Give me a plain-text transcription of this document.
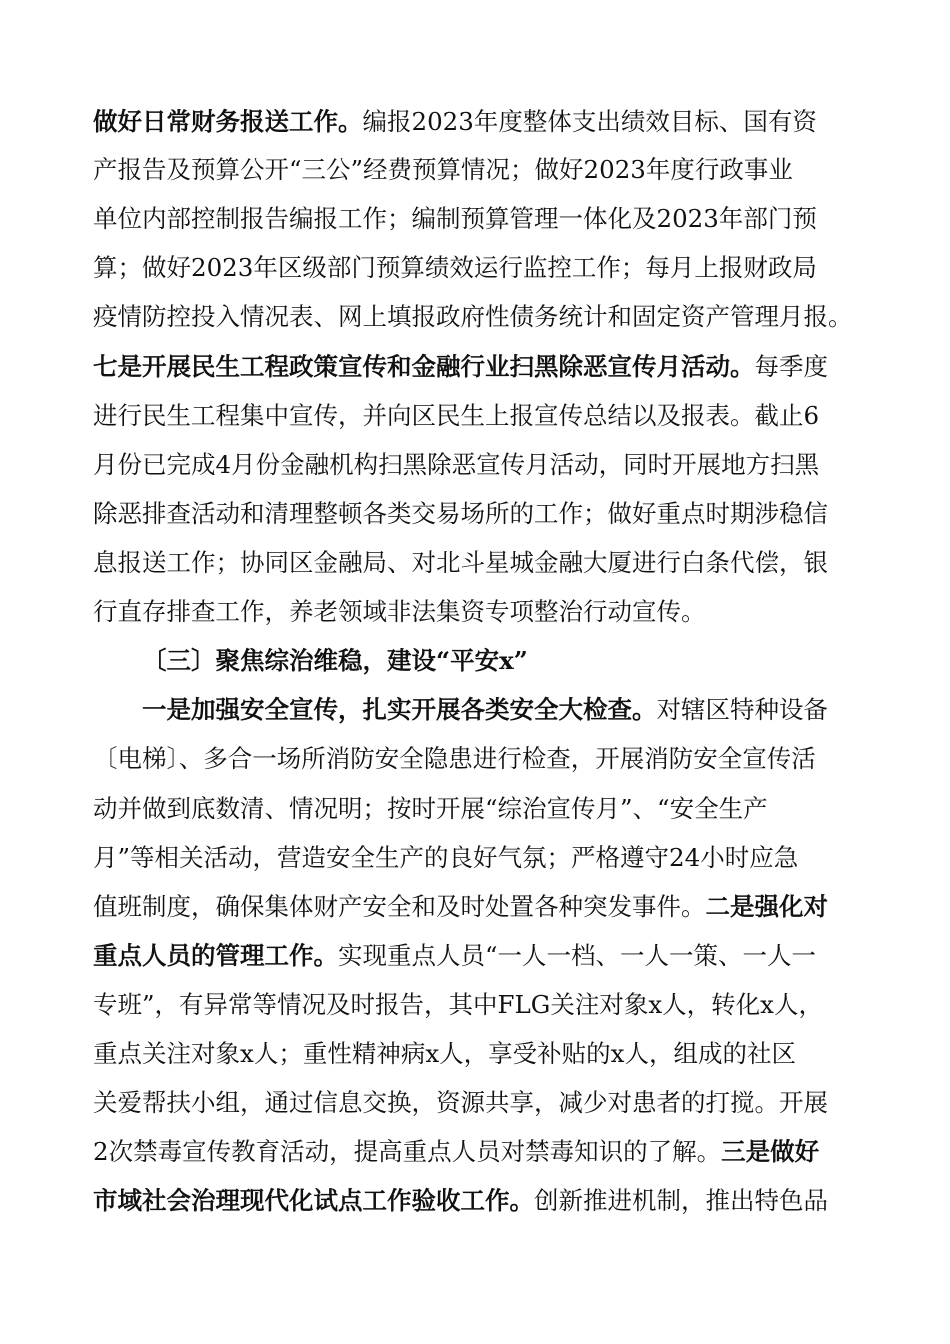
做好日常财务报送工作。编报2023年度整体支出绩效目标、国有资
产报告及预算公开“三公”经费预算情况；做好2023年度行政事业
单位内部控制报告编报工作；编制预算管理一体化及2023年部门预
算；做好2023年区级部门预算绩效运行监控工作；每月上报财政局
疫情防控投入情况表、网上填报政府性债务统计和固定资产管理月报。
七是开展民生工程政策宣传和金融行业扫黑除恶宣传月活动。每季度
进行民生工程集中宣传，并向区民生上报宣传总结以及报表。截止6
月份已完成4月份金融机构扫黑除恶宣传月活动，同时开展地方扫黑
除恶排查活动和清理整顿各类交易场所的工作；做好重点时期涉稳信
息报送工作；协同区金融局、对北斗星城金融大厦进行白条代偿，银
行直存排查工作，养老领域非法集资专项整治行动宣传。
〔三〕聚焦综治维稳，建设“平安x”
一是加强安全宣传，扎实开展各类安全大检查。对辖区特种设备
〔电梯〕、多合一场所消防安全隐患进行检查，开展消防安全宣传活
动并做到底数清、情况明；按时开展“综治宣传月”、“安全生产
月”等相关活动，营造安全生产的良好气氛；严格遵守24小时应急
值班制度，确保集体财产安全和及时处置各种突发事件。二是强化对
重点人员的管理工作。实现重点人员“一人一档、一人一策、一人一
专班”，有异常等情况及时报告，其中FLG关注对象x人，转化x人，
重点关注对象x人；重性精神病x人，享受补贴的x人，组成的社区
关爱帮扶小组，通过信息交换，资源共享，减少对患者的打搅。开展
2次禁毒宣传教育活动，提高重点人员对禁毒知识的了解。三是做好
市域社会治理现代化试点工作验收工作。创新推进机制，推出特色品
